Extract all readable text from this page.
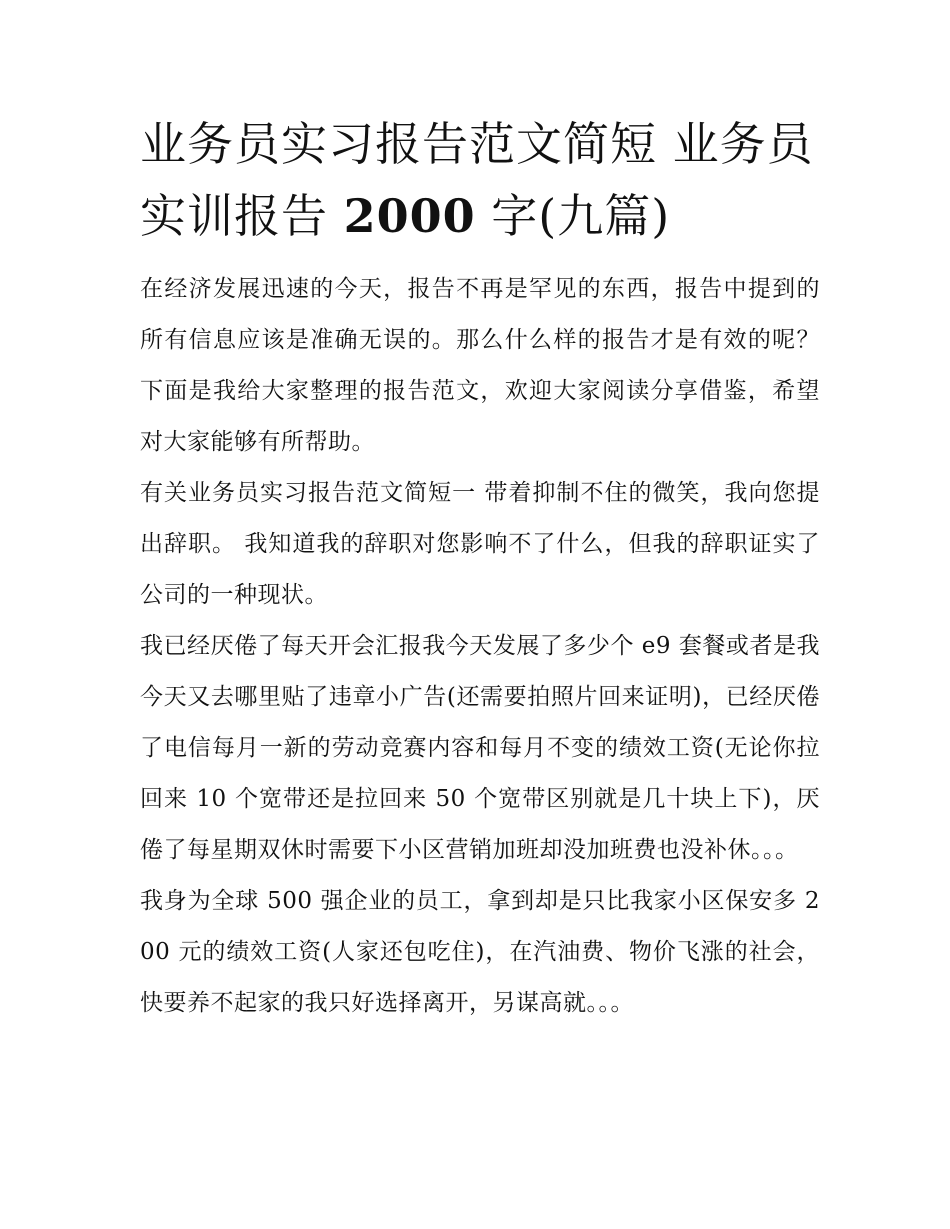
业务员实习报告范文简短 业务员实训报告 2000 字(九篇)

在经济发展迅速的今天，报告不再是罕见的东西，报告中提到的所有信息应该是准确无误的。那么什么样的报告才是有效的呢？下面是我给大家整理的报告范文，欢迎大家阅读分享借鉴，希望对大家能够有所帮助。

有关业务员实习报告范文简短一 带着抑制不住的微笑，我向您提出辞职。 我知道我的辞职对您影响不了什么，但我的辞职证实了公司的一种现状。

我已经厌倦了每天开会汇报我今天发展了多少个 e9 套餐或者是我今天又去哪里贴了违章小广告(还需要拍照片回来证明)，已经厌倦了电信每月一新的劳动竞赛内容和每月不变的绩效工资(无论你拉回来 10 个宽带还是拉回来 50 个宽带区别就是几十块上下)，厌倦了每星期双休时需要下小区营销加班却没加班费也没补休。。。

我身为全球 500 强企业的员工，拿到却是只比我家小区保安多 200 元的绩效工资(人家还包吃住)，在汽油费、物价飞涨的社会，快要养不起家的我只好选择离开，另谋高就。。。
